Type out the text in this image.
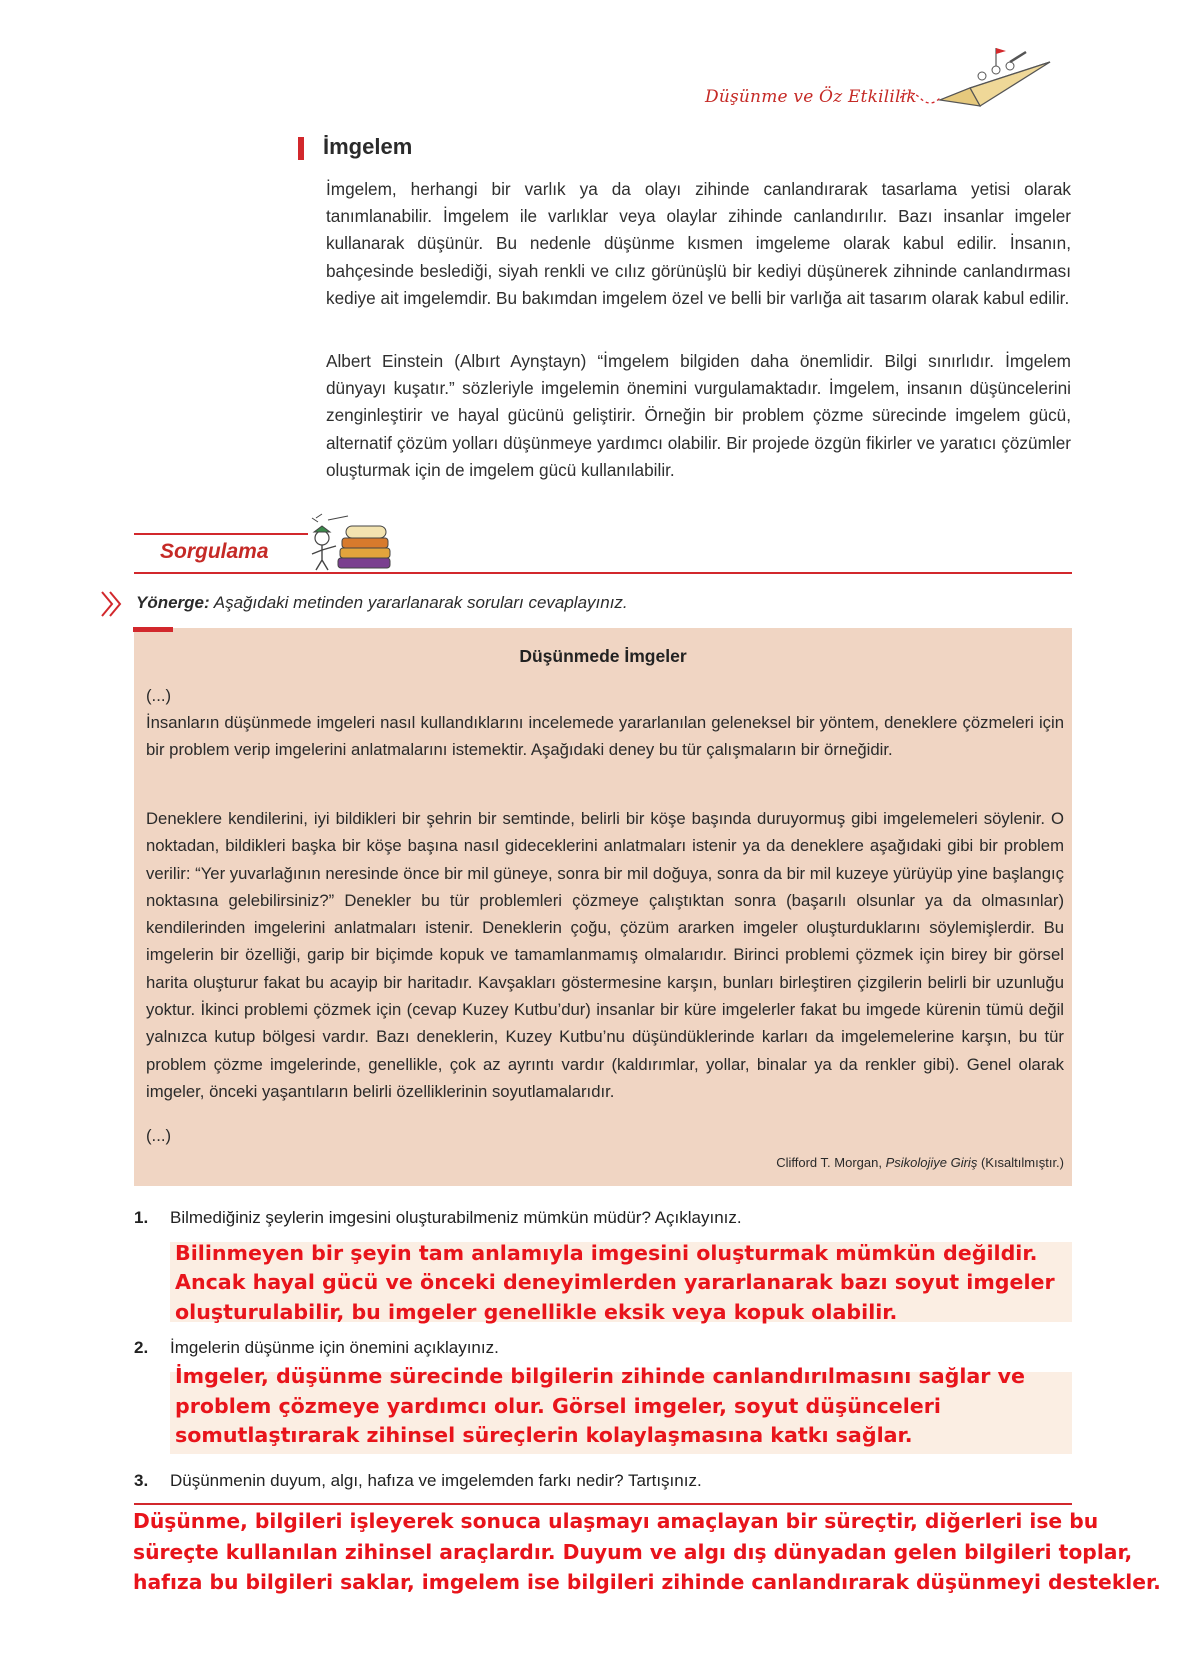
Düşünme ve Öz Etkililik
İmgelem
İmgelem, herhangi bir varlık ya da olayı zihinde canlandırarak tasarlama yetisi olarak tanımlanabilir. İmgelem ile varlıklar veya olaylar zihinde canlandırılır. Bazı insanlar imgeler kullanarak düşünür. Bu nedenle düşünme kısmen imgeleme olarak kabul edilir. İnsanın, bahçesinde beslediği, siyah renkli ve cılız görünüşlü bir kediyi düşünerek zihninde canlandırması kediye ait imgelemdir. Bu bakımdan imgelem özel ve belli bir varlığa ait tasarım olarak kabul edilir.
Albert Einstein (Albırt Aynştayn) “İmgelem bilgiden daha önemlidir. Bilgi sınırlıdır. İmgelem dünyayı kuşatır.” sözleriyle imgelemin önemini vurgulamaktadır. İmgelem, insanın düşüncelerini zenginleştirir ve hayal gücünü geliştirir. Örneğin bir problem çözme sürecinde imgelem gücü, alternatif çözüm yolları düşünmeye yardımcı olabilir. Bir projede özgün fikirler ve yaratıcı çözümler oluşturmak için de imgelem gücü kullanılabilir.
Sorgulama
Yönerge: Aşağıdaki metinden yararlanarak soruları cevaplayınız.
Düşünmede İmgeler
(...)
İnsanların düşünmede imgeleri nasıl kullandıklarını incelemede yararlanılan geleneksel bir yöntem, deneklere çözmeleri için bir problem verip imgelerini anlatmalarını istemektir. Aşağıdaki deney bu tür çalışmaların bir örneğidir.
Deneklere kendilerini, iyi bildikleri bir şehrin bir semtinde, belirli bir köşe başında duruyormuş gibi imgelemeleri söylenir. O noktadan, bildikleri başka bir köşe başına nasıl gideceklerini anlatmaları istenir ya da deneklere aşağıdaki gibi bir problem verilir: “Yer yuvarlağının neresinde önce bir mil güneye, sonra bir mil doğuya, sonra da bir mil kuzeye yürüyüp yine başlangıç noktasına gelebilirsiniz?” Denekler bu tür problemleri çözmeye çalıştıktan sonra (başarılı olsunlar ya da olmasınlar) kendilerinden imgelerini anlatmaları istenir. Deneklerin çoğu, çözüm ararken imgeler oluşturduklarını söylemişlerdir. Bu imgelerin bir özelliği, garip bir biçimde kopuk ve tamamlanmamış olmalarıdır. Birinci problemi çözmek için birey bir görsel harita oluşturur fakat bu acayip bir haritadır. Kavşakları göstermesine karşın, bunları birleştiren çizgilerin belirli bir uzunluğu yoktur. İkinci problemi çözmek için (cevap Kuzey Kutbu’dur) insanlar bir küre imgelerler fakat bu imgede kürenin tümü değil yalnızca kutup bölgesi vardır. Bazı deneklerin, Kuzey Kutbu’nu düşündüklerinde karları da imgelemelerine karşın, bu tür problem çözme imgelerinde, genellikle, çok az ayrıntı vardır (kaldırımlar, yollar, binalar ya da renkler gibi). Genel olarak imgeler, önceki yaşantıların belirli özelliklerinin soyutlamalarıdır.
(...)
Clifford T. Morgan, Psikolojiye Giriş (Kısaltılmıştır.)
1. Bilmediğiniz şeylerin imgesini oluşturabilmeniz mümkün müdür? Açıklayınız.
Bilinmeyen bir şeyin tam anlamıyla imgesini oluşturmak mümkün değildir. Ancak hayal gücü ve önceki deneyimlerden yararlanarak bazı soyut imgeler oluşturulabilir, bu imgeler genellikle eksik veya kopuk olabilir.
2. İmgelerin düşünme için önemini açıklayınız.
İmgeler, düşünme sürecinde bilgilerin zihinde canlandırılmasını sağlar ve problem çözmeye yardımcı olur. Görsel imgeler, soyut düşünceleri somutlaştırarak zihinsel süreçlerin kolaylaşmasına katkı sağlar.
3. Düşünmenin duyum, algı, hafıza ve imgelemden farkı nedir? Tartışınız.
Düşünme, bilgileri işleyerek sonuca ulaşmayı amaçlayan bir süreçtir, diğerleri ise bu süreçte kullanılan zihinsel araçlardır. Duyum ve algı dış dünyadan gelen bilgileri toplar, hafıza bu bilgileri saklar, imgelem ise bilgileri zihinde canlandırarak düşünmeyi destekler.
